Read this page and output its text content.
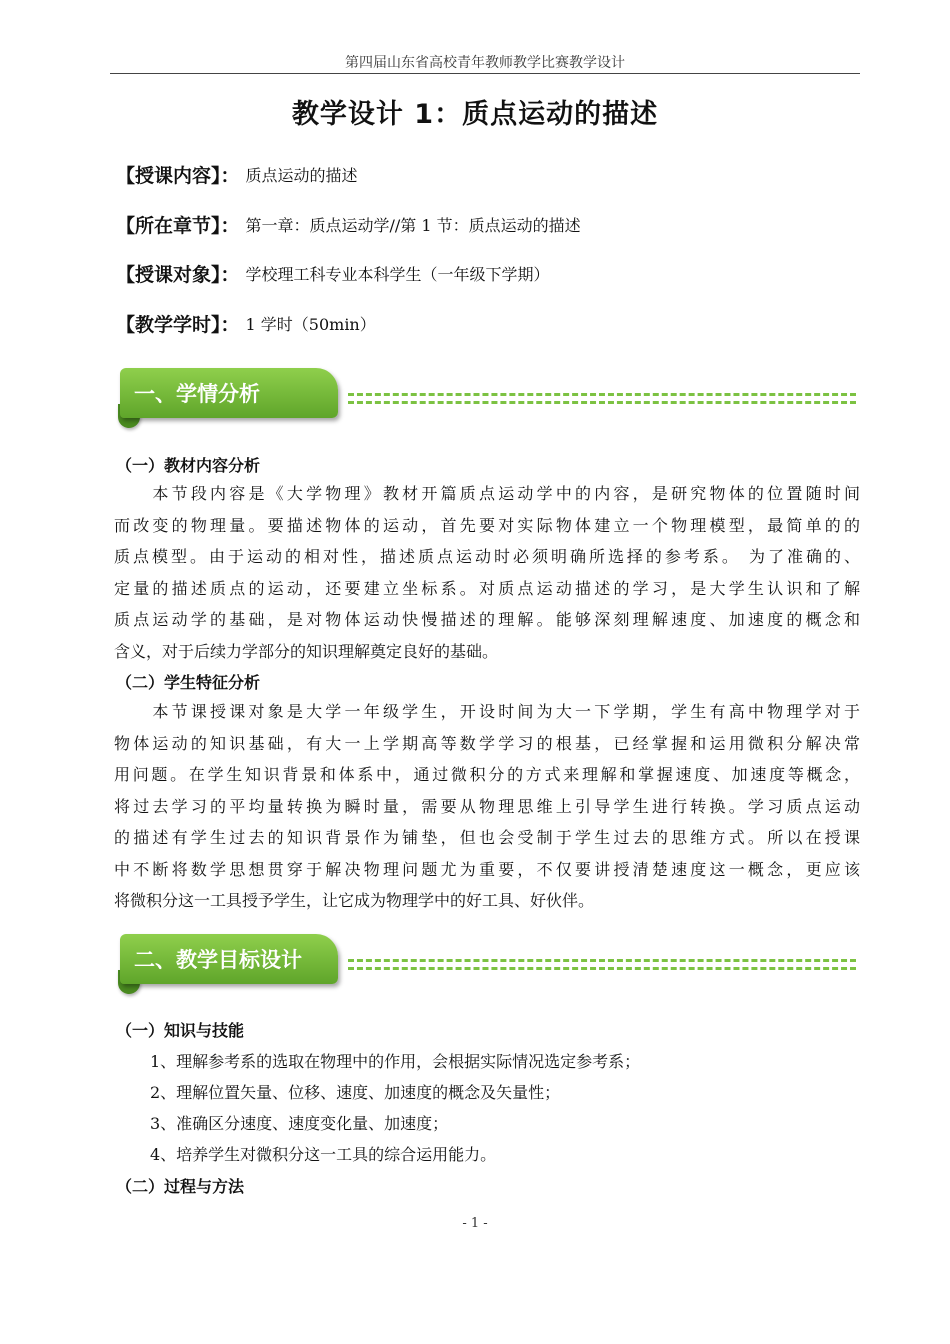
第四届山东省高校青年教师教学比赛教学设计
教学设计 1：质点运动的描述
【授课内容】： 质点运动的描述
【所在章节】： 第一章：质点运动学//第 1 节：质点运动的描述
【授课对象】： 学校理工科专业本科学生（一年级下学期）
【教学学时】： 1 学时（50min）
一、学情分析
（一）教材内容分析
　　本节段内容是《大学物理》教材开篇质点运动学中的内容，是研究物体的位置随时间
而改变的物理量。要描述物体的运动，首先要对实际物体建立一个物理模型，最简单的的
质点模型。由于运动的相对性，描述质点运动时必须明确所选择的参考系。 为了准确的、
定量的描述质点的运动，还要建立坐标系。对质点运动描述的学习，是大学生认识和了解
质点运动学的基础，是对物体运动快慢描述的理解。能够深刻理解速度、加速度的概念和
含义，对于后续力学部分的知识理解奠定良好的基础。
（二）学生特征分析
　　本节课授课对象是大学一年级学生，开设时间为大一下学期，学生有高中物理学对于
物体运动的知识基础，有大一上学期高等数学学习的根基，已经掌握和运用微积分解决常
用问题。在学生知识背景和体系中，通过微积分的方式来理解和掌握速度、加速度等概念，
将过去学习的平均量转换为瞬时量，需要从物理思维上引导学生进行转换。学习质点运动
的描述有学生过去的知识背景作为铺垫，但也会受制于学生过去的思维方式。所以在授课
中不断将数学思想贯穿于解决物理问题尤为重要，不仅要讲授清楚速度这一概念，更应该
将微积分这一工具授予学生，让它成为物理学中的好工具、好伙伴。
二、教学目标设计
（一）知识与技能
1、理解参考系的选取在物理中的作用，会根据实际情况选定参考系；
2、理解位置矢量、位移、速度、加速度的概念及矢量性；
3、准确区分速度、速度变化量、加速度；
4、培养学生对微积分这一工具的综合运用能力。
（二）过程与方法
- 1 -
